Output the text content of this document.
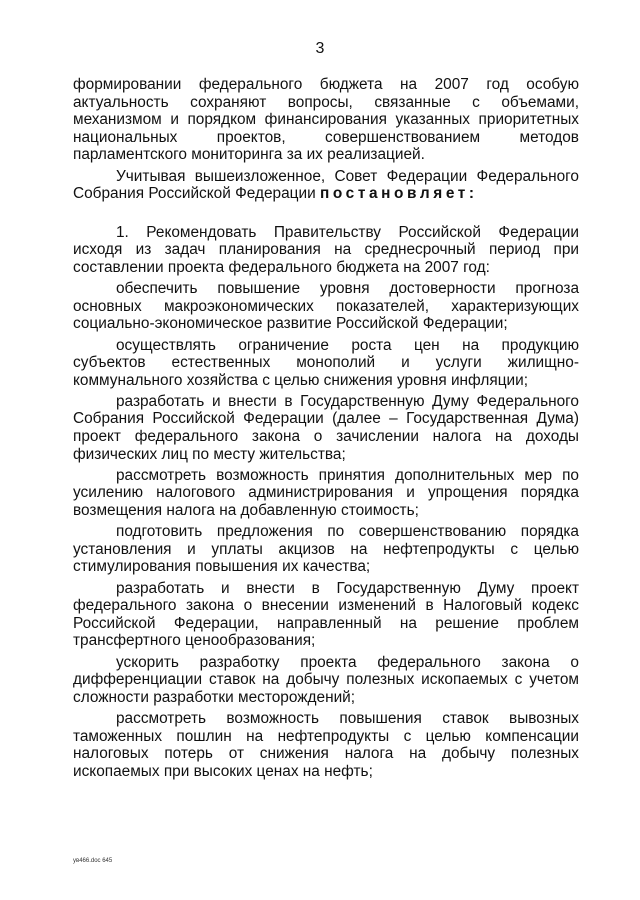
3
формировании федерального бюджета на 2007 год особую
актуальность сохраняют вопросы, связанные с объемами,
механизмом и порядком финансирования указанных приоритетных
национальных проектов, совершенствованием методов
парламентского мониторинга за их реализацией.
Учитывая вышеизложенное, Совет Федерации Федерального
Собрания Российской Федерации постановляет:
1. Рекомендовать Правительству Российской Федерации
исходя из задач планирования на среднесрочный период при
составлении проекта федерального бюджета на 2007 год:
обеспечить повышение уровня достоверности прогноза
основных макроэкономических показателей, характеризующих
социально-экономическое развитие Российской Федерации;
осуществлять ограничение роста цен на продукцию
субъектов естественных монополий и услуги жилищно-
коммунального хозяйства с целью снижения уровня инфляции;
разработать и внести в Государственную Думу Федерального
Собрания Российской Федерации (далее – Государственная Дума)
проект федерального закона о зачислении налога на доходы
физических лиц по месту жительства;
рассмотреть возможность принятия дополнительных мер по
усилению налогового администрирования и упрощения порядка
возмещения налога на добавленную стоимость;
подготовить предложения по совершенствованию порядка
установления и уплаты акцизов на нефтепродукты с целью
стимулирования повышения их качества;
разработать и внести в Государственную Думу проект
федерального закона о внесении изменений в Налоговый кодекс
Российской Федерации, направленный на решение проблем
трансфертного ценообразования;
ускорить разработку проекта федерального закона о
дифференциации ставок на добычу полезных ископаемых с учетом
сложности разработки месторождений;
рассмотреть возможность повышения ставок вывозных
таможенных пошлин на нефтепродукты с целью компенсации
налоговых потерь от снижения налога на добычу полезных
ископаемых при высоких ценах на нефть;
ув466.doc 645
